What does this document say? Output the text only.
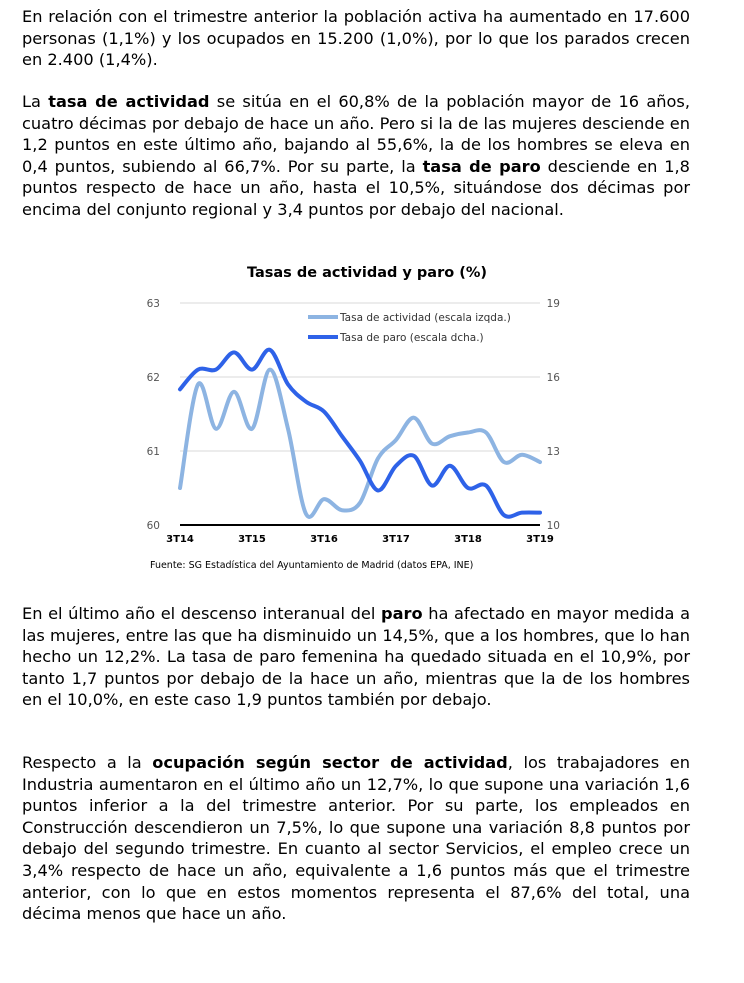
En relación con el trimestre anterior la población activa ha aumentado en 17.600 personas (1,1%) y los ocupados en 15.200 (1,0%), por lo que los parados crecen en 2.400 (1,4%).

La tasa de actividad se sitúa en el 60,8% de la población mayor de 16 años, cuatro décimas por debajo de hace un año. Pero si la de las mujeres desciende en 1,2 puntos en este último año, bajando al 55,6%, la de los hombres se eleva en 0,4 puntos, subiendo al 66,7%. Por su parte, la tasa de paro desciende en 1,8 puntos respecto de hace un año, hasta el 10,5%, situándose dos décimas por encima del conjunto regional y 3,4 puntos por debajo del nacional.

Tasas de actividad y paro (%)
60	10
61	13
62	16
63	19
3T14	3T15	3T16	3T17	3T18	3T19
Tasa de actividad (escala izqda.)
Tasa de paro (escala dcha.)
Fuente: SG Estadística del Ayuntamiento de Madrid (datos EPA, INE)

En el último año el descenso interanual del paro ha afectado en mayor medida a las mujeres, entre las que ha disminuido un 14,5%, que a los hombres, que lo han hecho un 12,2%. La tasa de paro femenina ha quedado situada en el 10,9%, por tanto 1,7 puntos por debajo de la hace un año, mientras que la de los hombres en el 10,0%, en este caso 1,9 puntos también por debajo.

Respecto a la ocupación según sector de actividad, los trabajadores en Industria aumentaron en el último año un 12,7%, lo que supone una variación 1,6 puntos inferior a la del trimestre anterior. Por su parte, los empleados en Construcción descendieron un 7,5%, lo que supone una variación 8,8 puntos por debajo del segundo trimestre. En cuanto al sector Servicios, el empleo crece un 3,4% respecto de hace un año, equivalente a 1,6 puntos más que el trimestre anterior, con lo que en estos momentos representa el 87,6% del total, una décima menos que hace un año.
